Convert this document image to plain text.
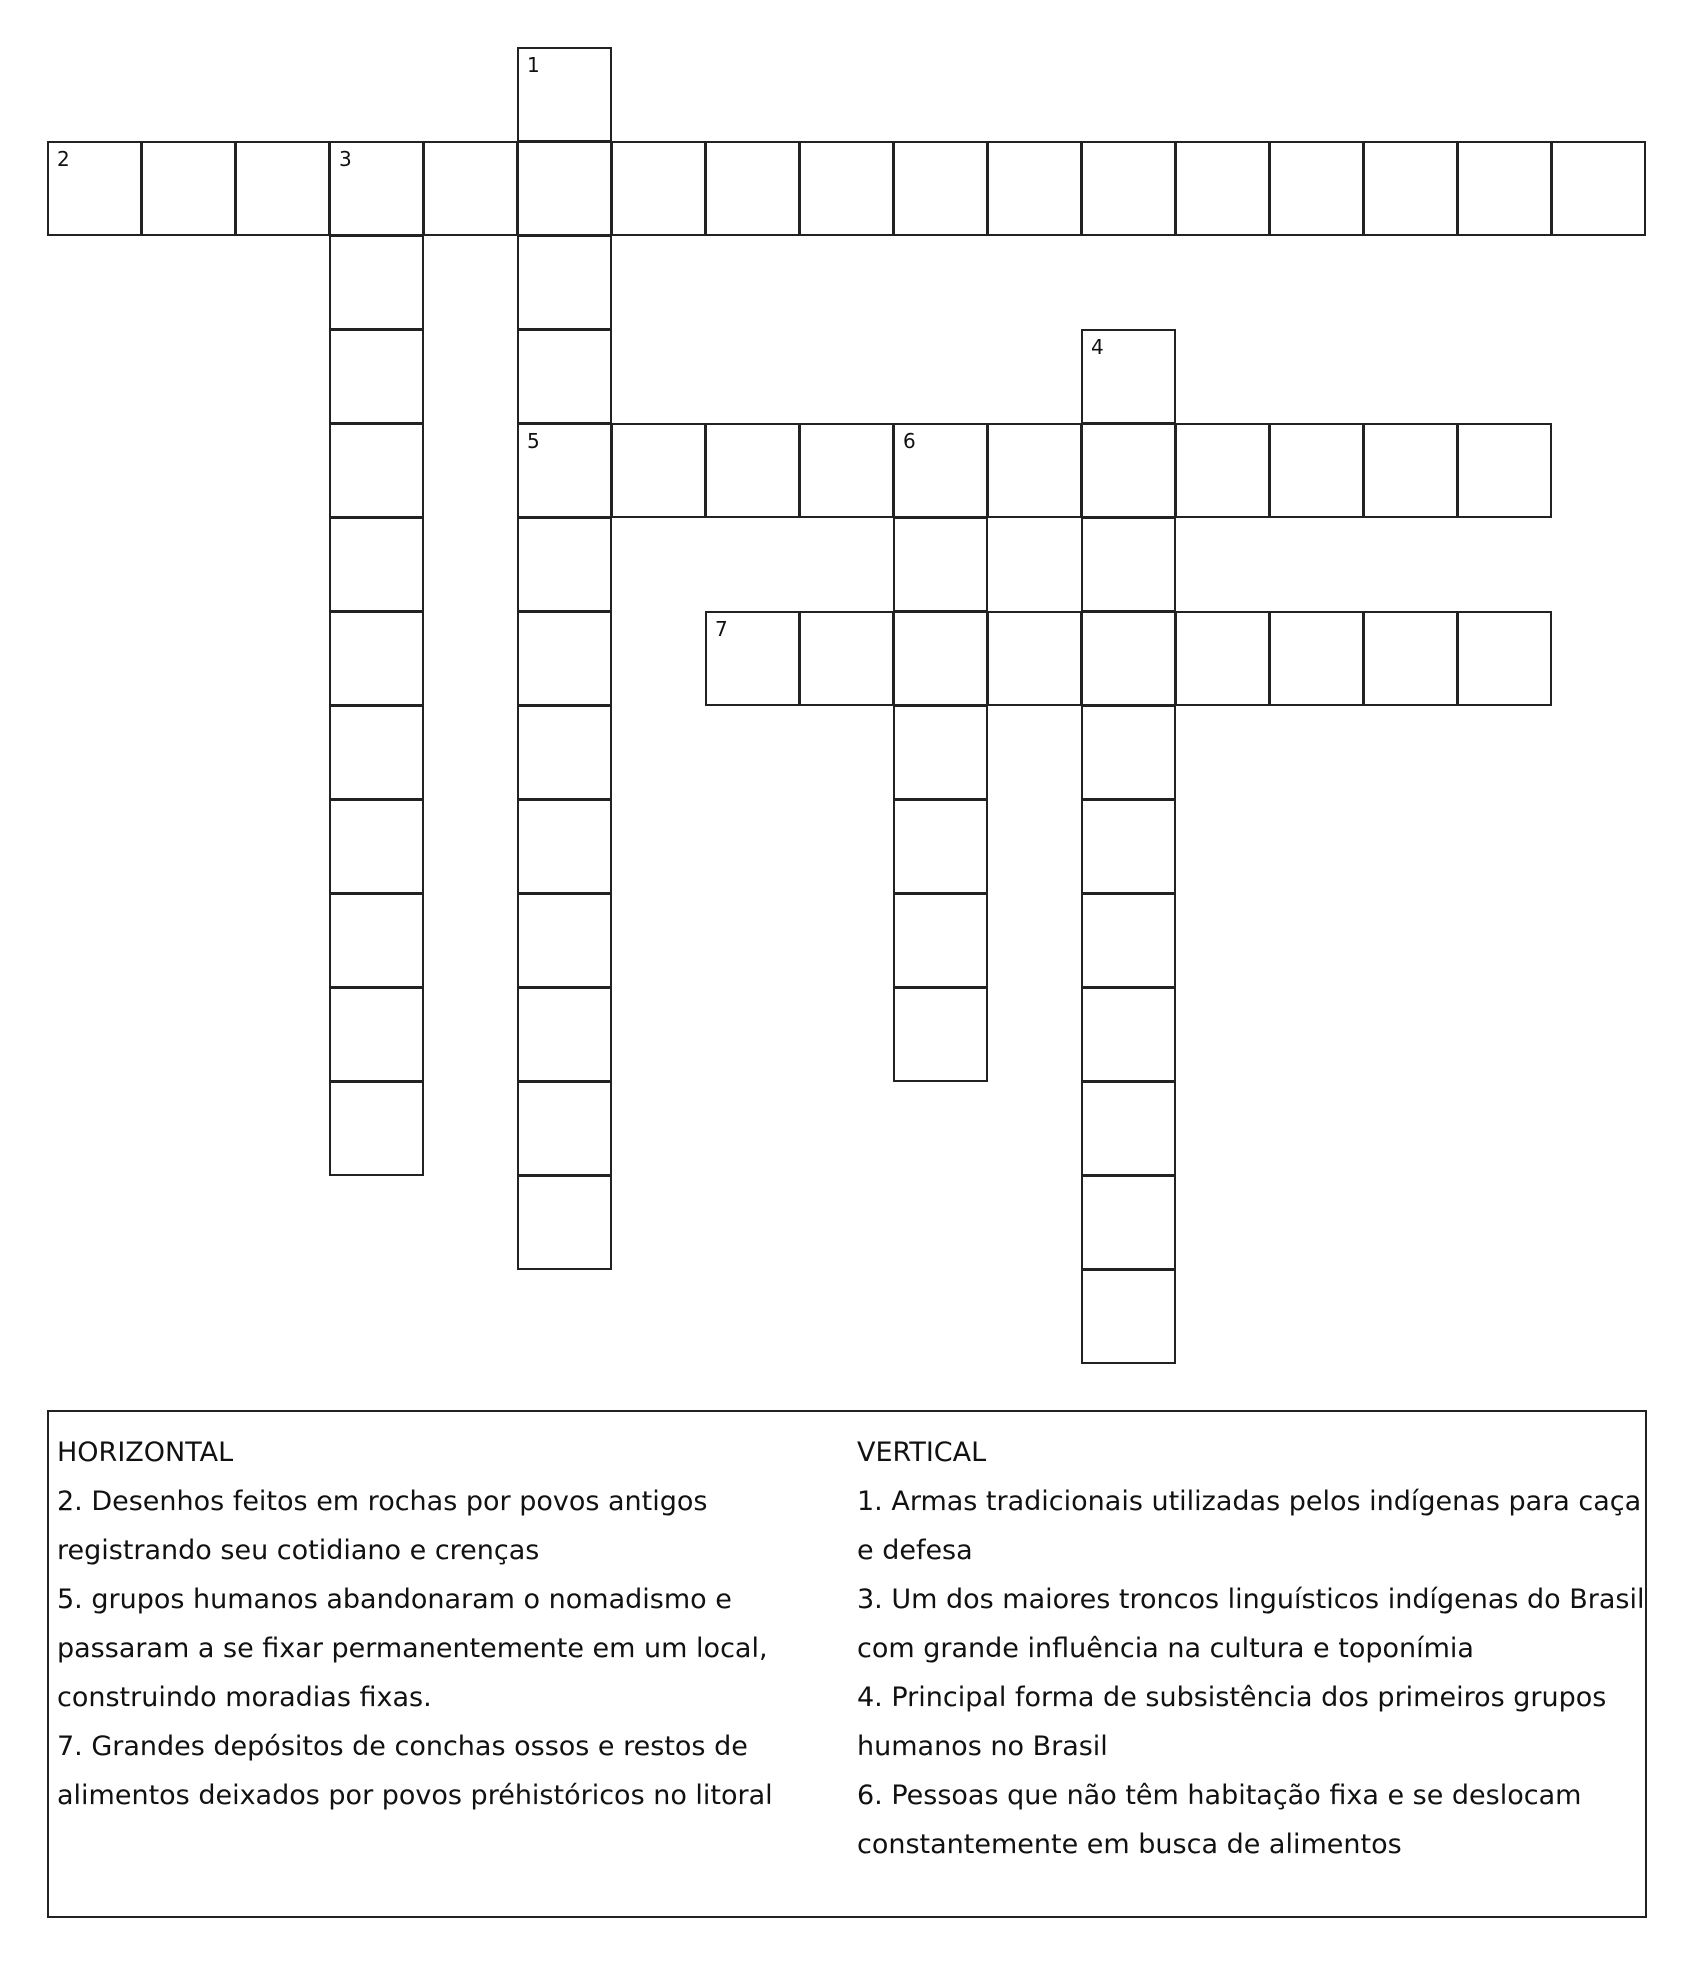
2	3
5	6
7
1
4
HORIZONTAL
2. Desenhos feitos em rochas por povos antigos
registrando seu cotidiano e crenças
5. grupos humanos abandonaram o nomadismo e
passaram a se fixar permanentemente em um local,
construindo moradias fixas.
7. Grandes depósitos de conchas ossos e restos de
alimentos deixados por povos préhistóricos no litoral
VERTICAL
1. Armas tradicionais utilizadas pelos indígenas para caça
e defesa
3. Um dos maiores troncos linguísticos indígenas do Brasil
com grande influência na cultura e toponímia
4. Principal forma de subsistência dos primeiros grupos
humanos no Brasil
6. Pessoas que não têm habitação fixa e se deslocam
constantemente em busca de alimentos
